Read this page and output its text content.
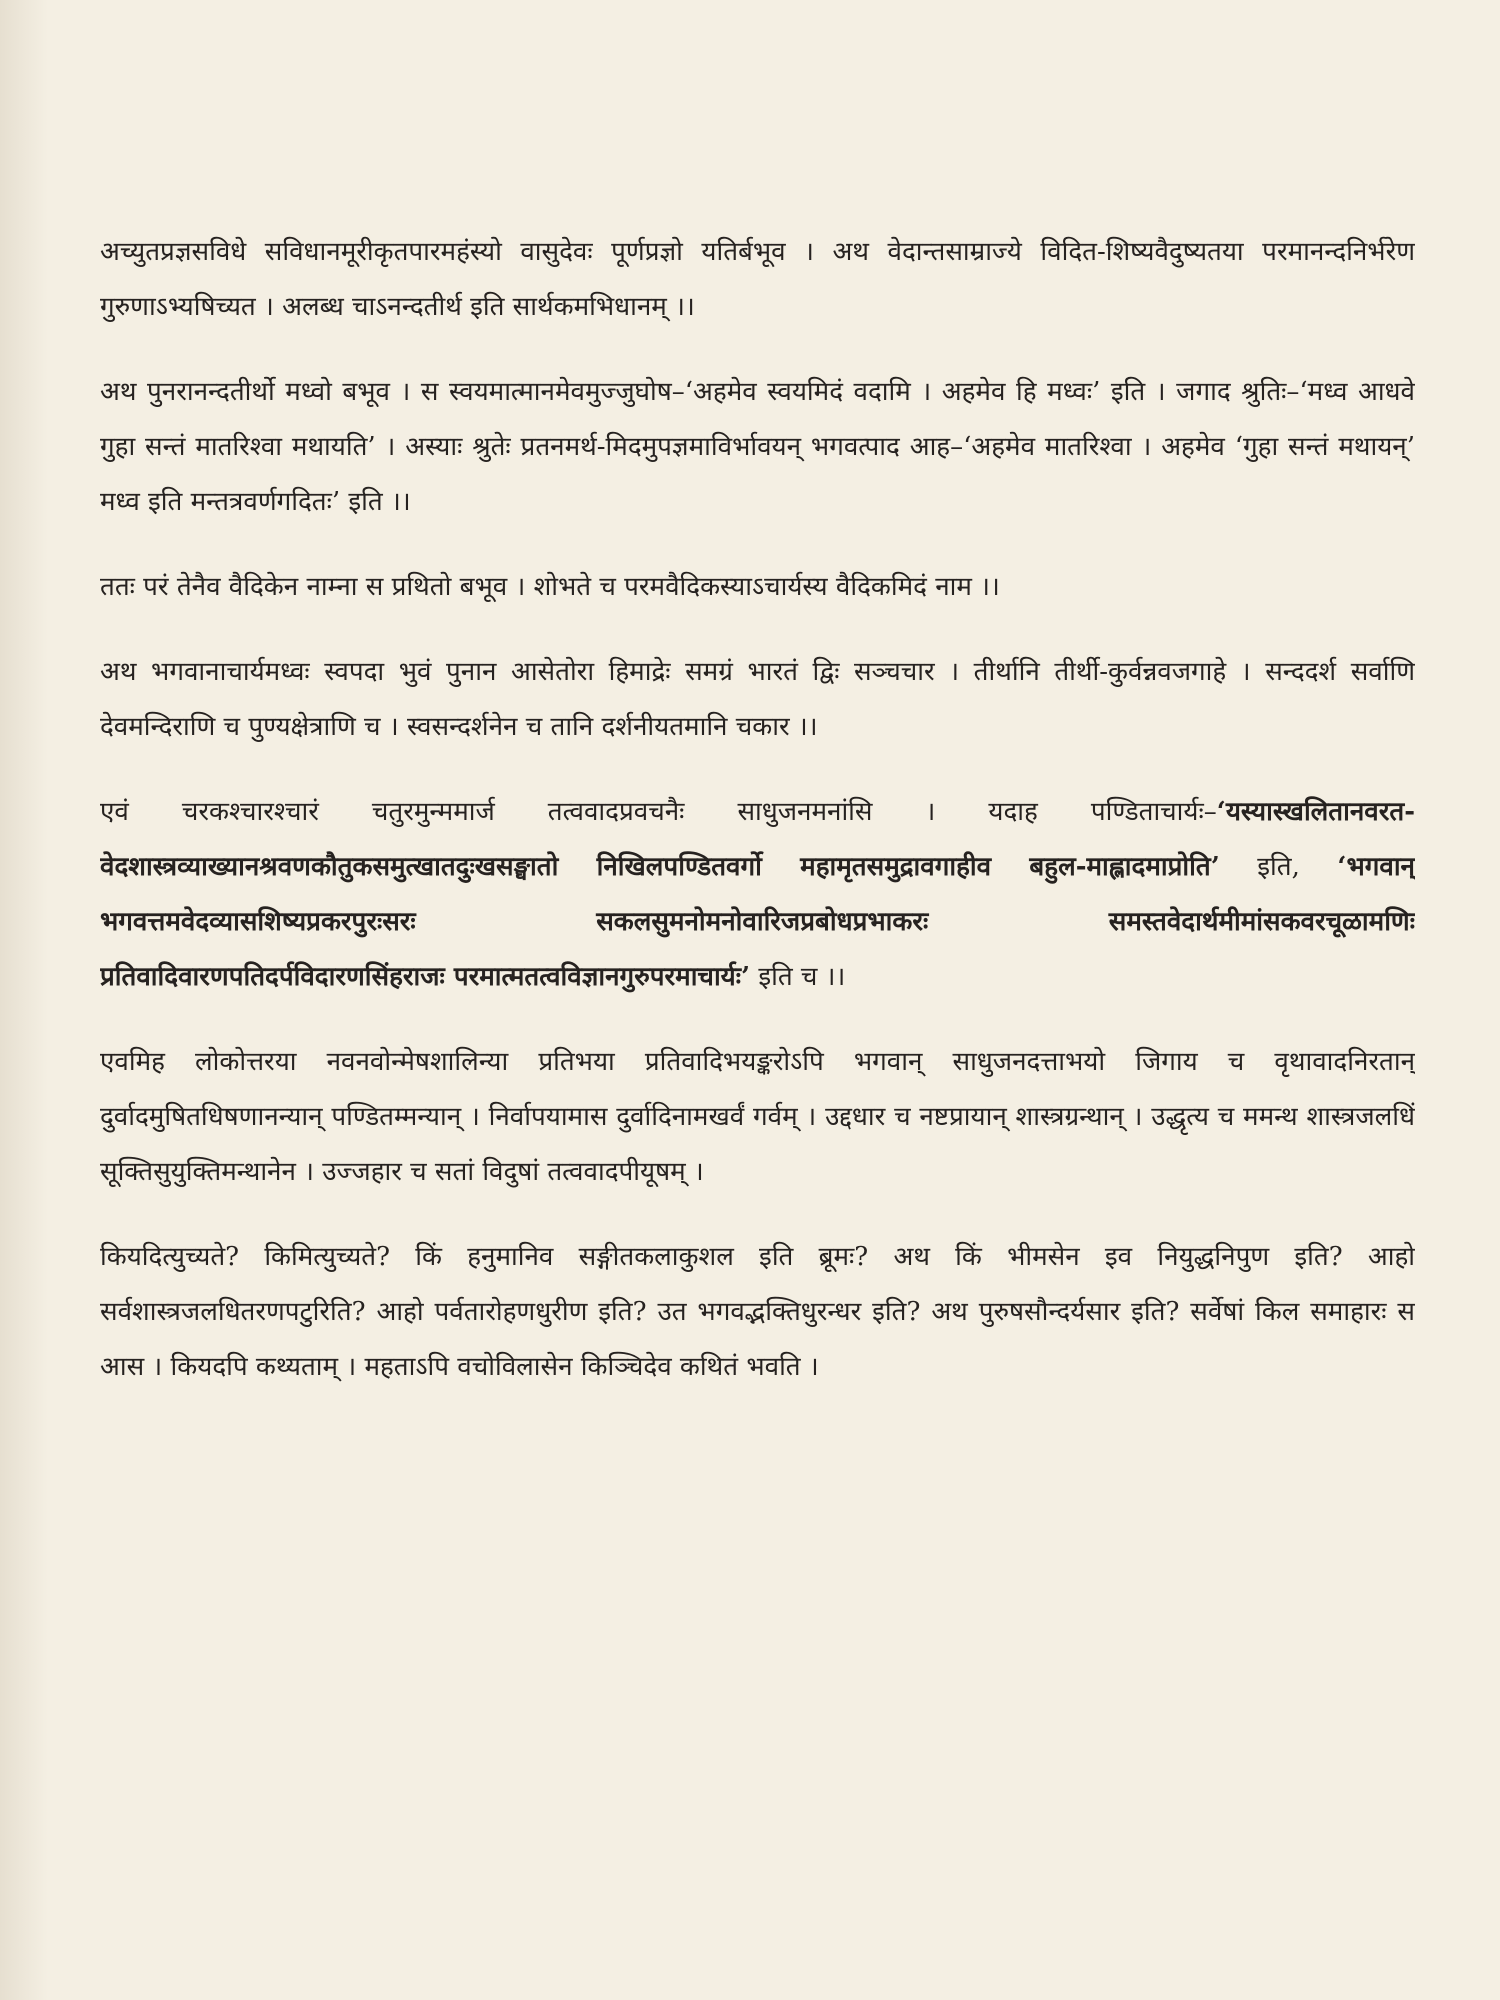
अच्युतप्रज्ञसविधे सविधानमूरीकृतपारमहंस्यो वासुदेवः पूर्णप्रज्ञो यतिर्बभूव । अथ वेदान्तसाम्राज्ये विदित-शिष्यवैदुष्यतया परमानन्दनिर्भरेण गुरुणाऽभ्यषिच्यत । अलब्ध चाऽनन्दतीर्थ इति सार्थकमभिधानम् ।।

अथ पुनरानन्दतीर्थो मध्वो बभूव । स स्वयमात्मानमेवमुज्जुघोष–‘अहमेव स्वयमिदं वदामि । अहमेव हि मध्वः’ इति । जगाद श्रुतिः–‘मध्व आधवे गुहा सन्तं मातरिश्वा मथायति’ । अस्याः श्रुतेः प्रतनमर्थ-मिदमुपज्ञमाविर्भावयन् भगवत्पाद आह–‘अहमेव मातरिश्वा । अहमेव ‘गुहा सन्तं मथायन्’ मध्व इति मन्तत्रवर्णगदितः’ इति ।।

ततः परं तेनैव वैदिकेन नाम्ना स प्रथितो बभूव । शोभते च परमवैदिकस्याऽचार्यस्य वैदिकमिदं नाम ।।

अथ भगवानाचार्यमध्वः स्वपदा भुवं पुनान आसेतोरा हिमाद्रेः समग्रं भारतं द्विः सञ्चचार । तीर्थानि तीर्थी-कुर्वन्नवजगाहे । सन्ददर्श सर्वाणि देवमन्दिराणि च पुण्यक्षेत्राणि च । स्वसन्दर्शनेन च तानि दर्शनीयतमानि चकार ।।

एवं चरकश्चारश्चारं चतुरमुन्ममार्ज तत्ववादप्रवचनैः साधुजनमनांसि । यदाह पण्डिताचार्यः–‘यस्यास्खलितानवरत-वेदशास्त्रव्याख्यानश्रवणकौतुकसमुत्खातदुःखसङ्घातो निखिलपण्डितवर्गो महामृतसमुद्रावगाहीव बहुल-माह्लादमाप्रोति’ इति, ‘भगवान् भगवत्तमवेदव्यासशिष्यप्रकरपुरःसरः सकलसुमनोमनोवारिजप्रबोधप्रभाकरः समस्तवेदार्थमीमांसकवरचूळामणिः प्रतिवादिवारणपतिदर्पविदारणसिंहराजः परमात्मतत्वविज्ञानगुरुपरमाचार्यः’ इति च ।।

एवमिह लोकोत्तरया नवनवोन्मेषशालिन्या प्रतिभया प्रतिवादिभयङ्करोऽपि भगवान् साधुजनदत्ताभयो जिगाय च वृथावादनिरतान् दुर्वादमुषितधिषणानन्यान् पण्डितम्मन्यान् । निर्वापयामास दुर्वादिनामखर्वं गर्वम् । उद्दधार च नष्टप्रायान् शास्त्रग्रन्थान् । उद्धृत्य च ममन्थ शास्त्रजलधिं सूक्तिसुयुक्तिमन्थानेन । उज्जहार च सतां विदुषां तत्ववादपीयूषम् ।

कियदित्युच्यते? किमित्युच्यते? किं हनुमानिव सङ्गीतकलाकुशल इति ब्रूमः? अथ किं भीमसेन इव नियुद्धनिपुण इति? आहो सर्वशास्त्रजलधितरणपटुरिति? आहो पर्वतारोहणधुरीण इति? उत भगवद्भक्तिधुरन्धर इति? अथ पुरुषसौन्दर्यसार इति? सर्वेषां किल समाहारः स आस । कियदपि कथ्यताम् । महताऽपि वचोविलासेन किञ्चिदेव कथितं भवति ।
